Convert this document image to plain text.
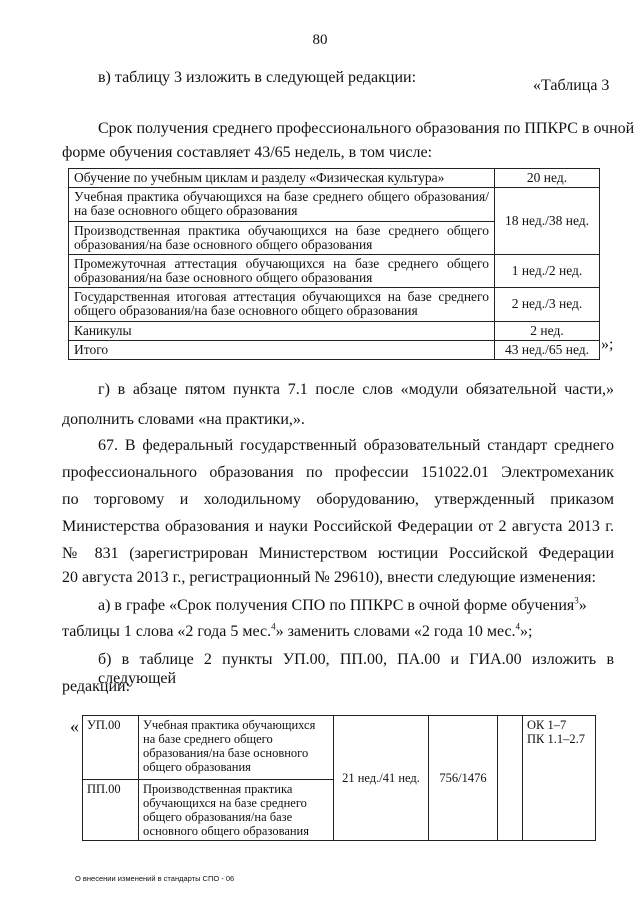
80
в) таблицу 3 изложить в следующей редакции:	«Таблица 3
Срок получения среднего профессионального образования по ППКРС в очной
форме обучения составляет 43/65 недель, в том числе:
Обучение по учебным циклам и разделу «Физическая культура»	20 нед.
Учебная практика обучающихся на базе среднего общего образования/на базе основного общего образования	18 нед./38 нед.
Производственная практика обучающихся на базе среднего общего образования/на базе основного общего образования	
Промежуточная аттестация обучающихся на базе среднего общего образования/на базе основного общего образования	1 нед./2 нед.
Государственная итоговая аттестация обучающихся на базе среднего общего образования/на базе основного общего образования	2 нед./3 нед.
Каникулы	2 нед.
Итого	43 нед./65 нед. »;
г) в абзаце пятом пункта 7.1 после слов «модули обязательной части,»
дополнить словами «на практики,».
67. В федеральный государственный образовательный стандарт среднего
профессионального образования по профессии 151022.01 Электромеханик
по торговому и холодильному оборудованию, утвержденный приказом
Министерства образования и науки Российской Федерации от 2 августа 2013 г.
№ 831 (зарегистрирован Министерством юстиции Российской Федерации
20 августа 2013 г., регистрационный № 29610), внести следующие изменения:
а) в графе «Срок получения СПО по ППКРС в очной форме обучения$^3$»
таблицы 1 слова «2 года 5 мес.$^4$» заменить словами «2 года 10 мес.$^4$»;
б) в таблице 2 пункты УП.00, ПП.00, ПА.00 и ГИА.00 изложить в следующей
редакции:
« УП.00	Учебная практика обучающихся на базе среднего общего образования/на базе основного общего образования	21 нед./41 нед.	756/1476		ОК 1–7
ПК 1.1–2.7

ПП.00	Производственная практика обучающихся на базе среднего общего образования/на базе основного общего образования				
О внесении изменений в стандарты СПО - 06
